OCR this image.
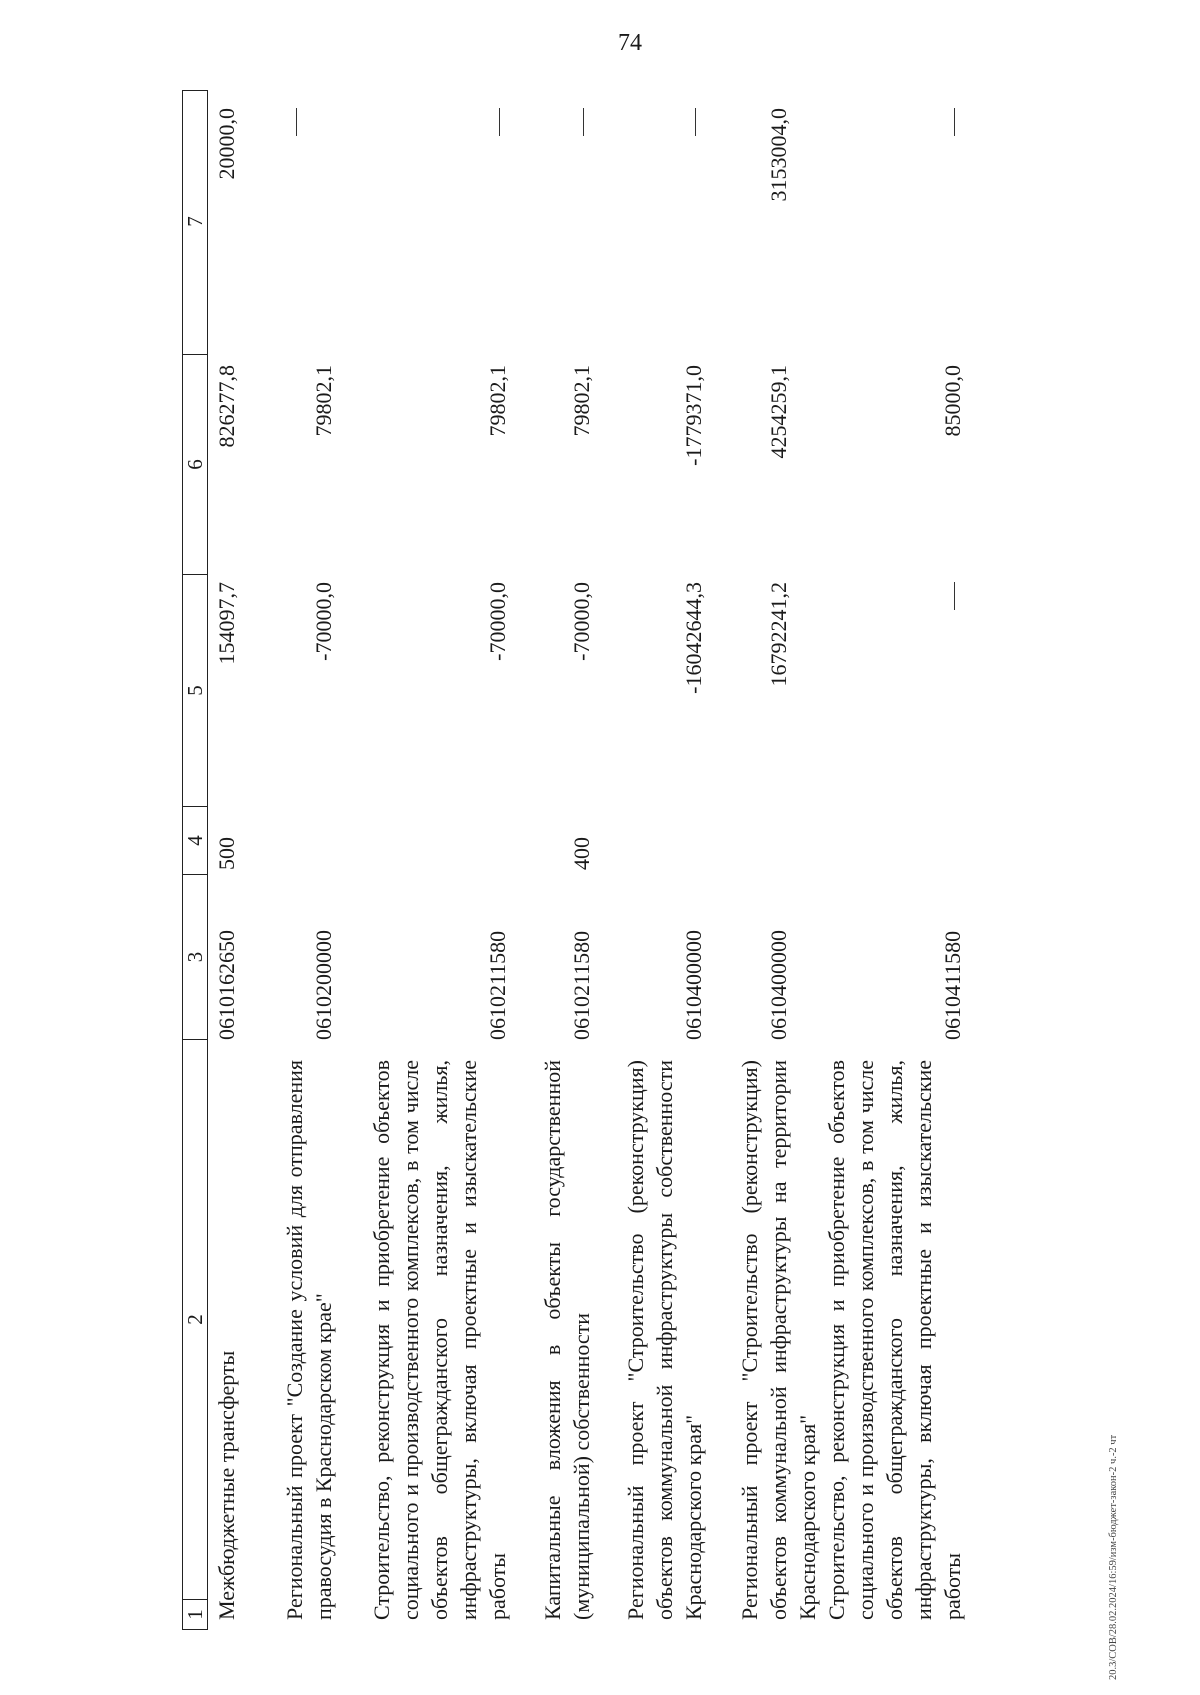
74
20.3/СОВ/28.02.2024/16:59/изм-бюджет-закон-2 ч.-2 чт
1
2
3
4
5
6
7
Межбюджетные трансферты
0610162650
500
154097,7
826277,8
20000,0
Региональный проект "Создание условий для отправления правосудия в Краснодарском крае"
0610200000
-70000,0
79802,1
Строительство, реконструкция и приобретение объектов социального и производственного комплексов, в том числе объектов общегражданского назначения, жилья, инфраструктуры, включая проектные и изыскательские работы
0610211580
-70000,0
79802,1
Капитальные вложения в объекты государственной (муниципальной) собственности
0610211580
400
-70000,0
79802,1
Региональный проект "Строительство (реконструкция) объектов коммунальной инфраструктуры собственности Краснодарского края"
0610400000
-16042644,3
-1779371,0
Региональный проект "Строительство (реконструкция) объектов коммунальной инфраструктуры на территории Краснодарского края"
0610400000
16792241,2
4254259,1
3153004,0
Строительство, реконструкция и приобретение объектов социального и производственного комплексов, в том числе объектов общегражданского назначения, жилья, инфраструктуры, включая проектные и изыскательские работы
0610411580
85000,0
